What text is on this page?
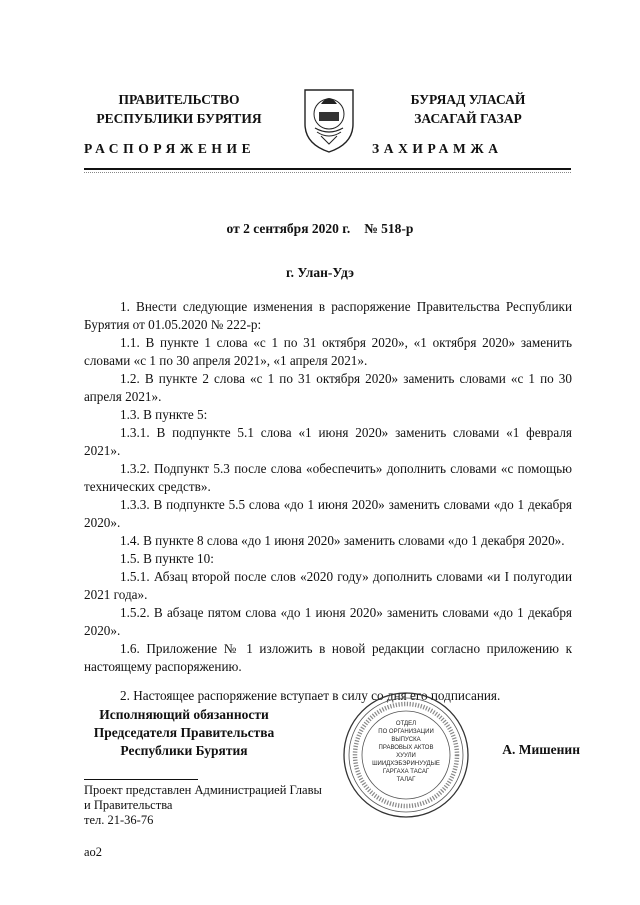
ПРАВИТЕЛЬСТВО
РЕСПУБЛИКИ БУРЯТИЯ
БУРЯАД УЛАСАЙ
ЗАСАГАЙ ГАЗАР
РАСПОРЯЖЕНИЕ	ЗАХИРАМЖА
от 2 сентября 2020 г. № 518-р
г. Улан-Удэ

1. Внести следующие изменения в распоряжение Правительства Республики Бурятия от 01.05.2020 № 222-р:

1.1. В пункте 1 слова «с 1 по 31 октября 2020», «1 октября 2020» заменить словами «с 1 по 30 апреля 2021», «1 апреля 2021».

1.2. В пункте 2 слова «с 1 по 31 октября 2020» заменить словами «с 1 по 30 апреля 2021».

1.3. В пункте 5:

1.3.1. В подпункте 5.1 слова «1 июня 2020» заменить словами «1 февраля 2021».

1.3.2. Подпункт 5.3 после слова «обеспечить» дополнить словами «с помощью технических средств».

1.3.3. В подпункте 5.5 слова «до 1 июня 2020» заменить словами «до 1 декабря 2020».

1.4. В пункте 8 слова «до 1 июня 2020» заменить словами «до 1 декабря 2020».

1.5. В пункте 10:

1.5.1. Абзац второй после слов «2020 году» дополнить словами «и I полугодии 2021 года».

1.5.2. В абзаце пятом слова «до 1 июня 2020» заменить словами «до 1 декабря 2020».

1.6. Приложение № 1 изложить в новой редакции согласно приложению к настоящему распоряжению.

2. Настоящее распоряжение вступает в силу со дня его подписания.

Исполняющий обязанности
Председателя Правительства
Республики Бурятия
ОТДЕЛ
ПО ОРГАНИЗАЦИИ
ВЫПУСКА
ПРАВОВЫХ АКТОВ
ХУУЛИ
ШИИДХЭБЭРИНУУДЫЕ
ГАРГАХА ТАСАГ
ТАЛАГ
А. Мишенин
Проект представлен Администрацией Главы
и Правительства
тел. 21-36-76
ао2
